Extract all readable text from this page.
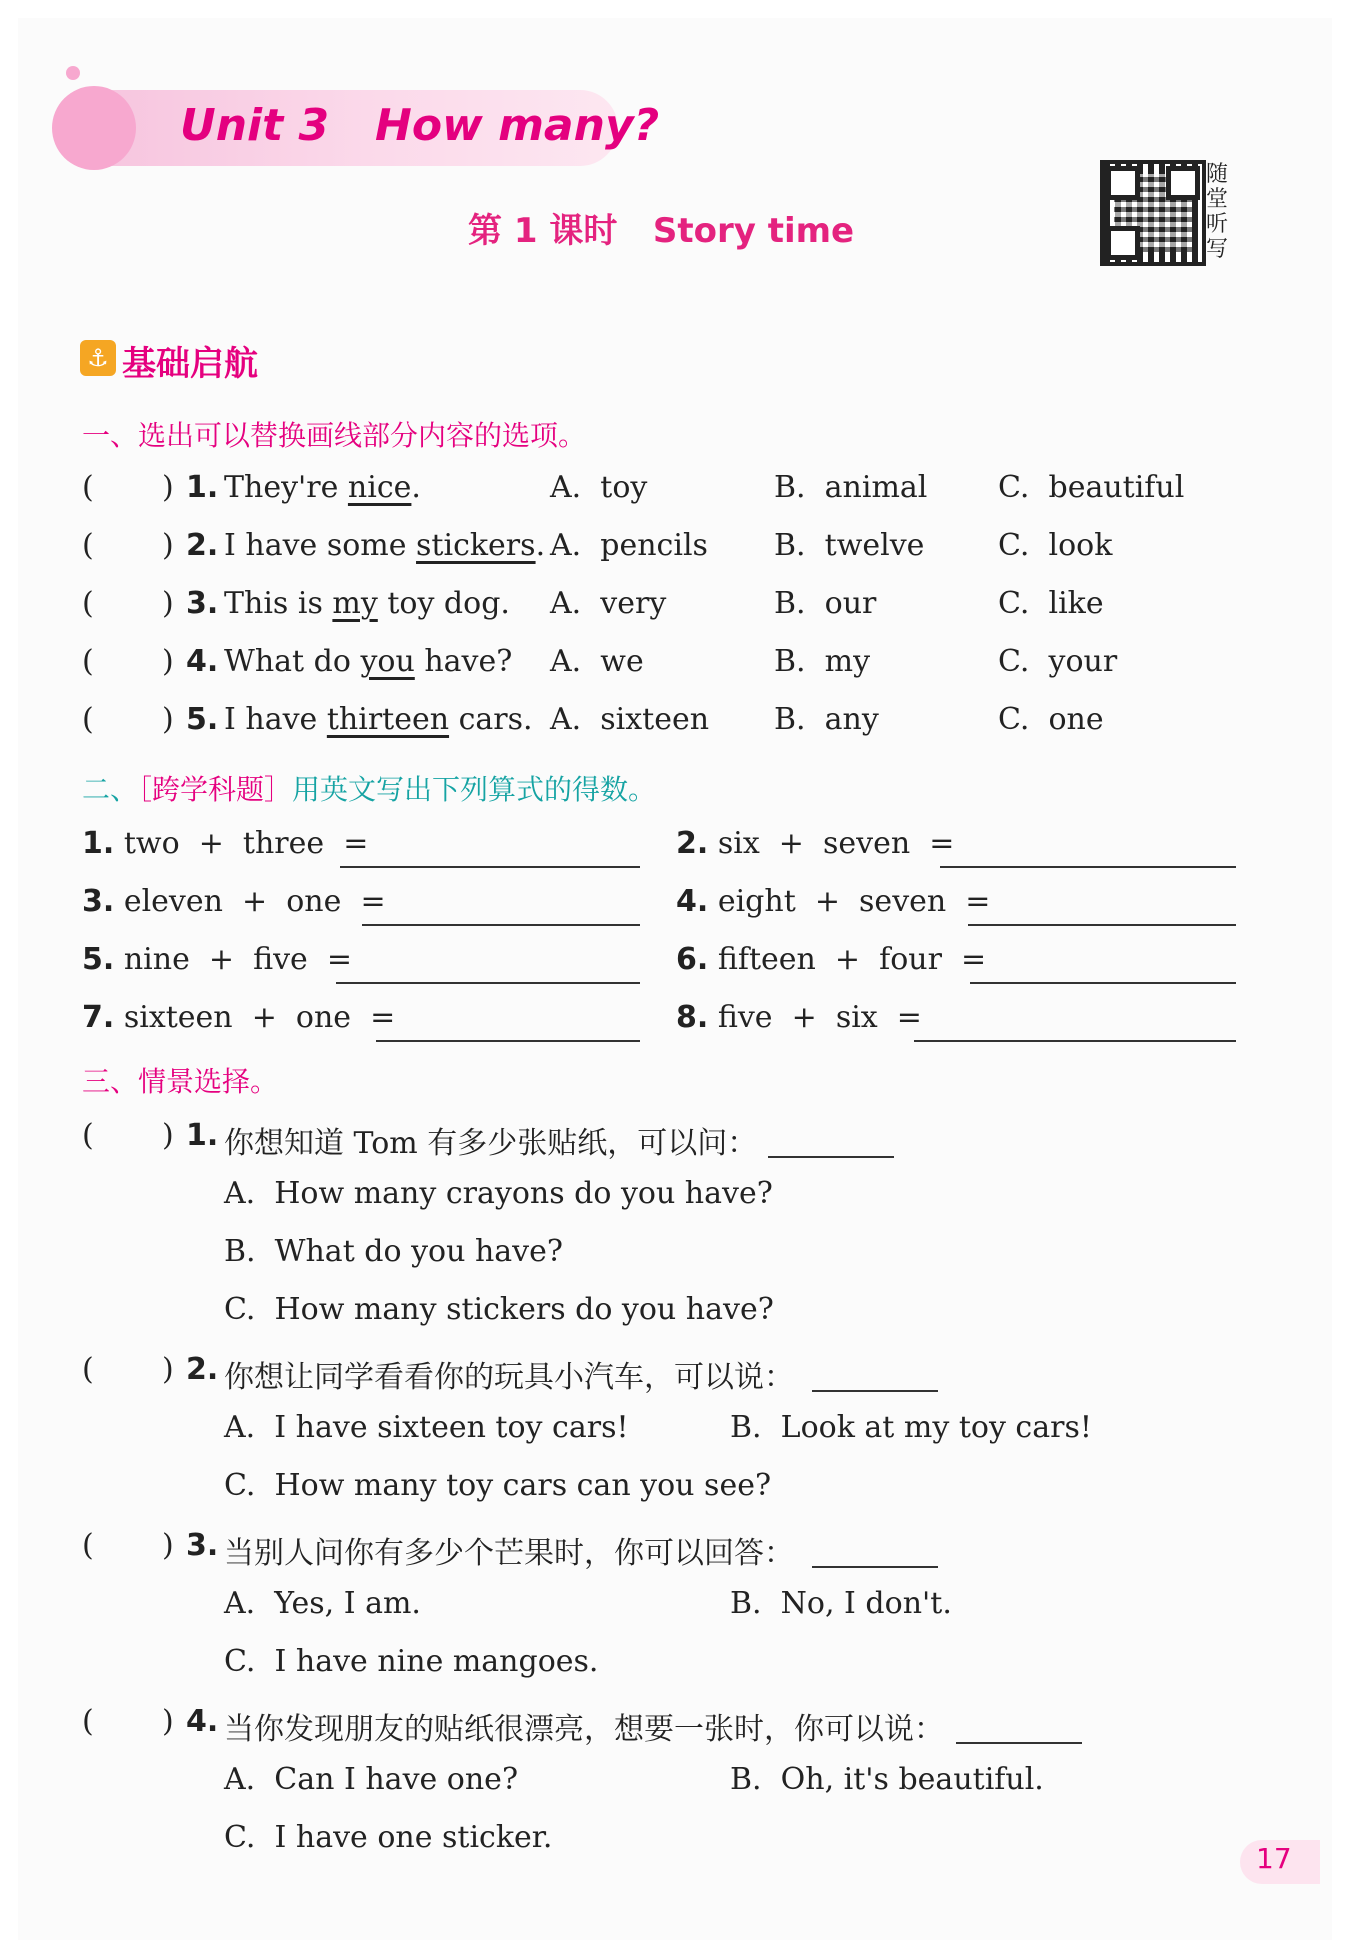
Unit 3   How many?
第 1 课时   Story time
随堂听写
⚓ 基础启航
一、选出可以替换画线部分内容的选项。
( ) 1. They're nice.	A.  toy	B.  animal C.  beautiful
( ) 2. I have some stickers. A.  pencils B.  twelve C.  look
( ) 3. This is my toy dog. A.  very	B.  our	C.  like
( ) 4. What do you have? A.  we	B.  my	C.  your
( ) 5. I have thirteen cars. A.  sixteen B.  any	C.  one
二、［跨学科题］用英文写出下列算式的得数。
1. two  +  three  =	2. six  +  seven  =
3. eleven  +  one  =	4. eight  +  seven  =
5. nine  +  five  =	6. fifteen  +  four  =
7. sixteen  +  one  =	8. five  +  six  =
三、情景选择。
( ) 1. 你想知道 Tom 有多少张贴纸，可以问：
A.  How many crayons do you have?
B.  What do you have?
C.  How many stickers do you have?
( ) 2. 你想让同学看看你的玩具小汽车，可以说：
A.  I have sixteen toy cars!	B.  Look at my toy cars!
C.  How many toy cars can you see?
( ) 3. 当别人问你有多少个芒果时，你可以回答：
A.  Yes, I am.	B.  No, I don't.
C.  I have nine mangoes.
( ) 4. 当你发现朋友的贴纸很漂亮，想要一张时，你可以说：
A.  Can I have one?	B.  Oh, it's beautiful.
C.  I have one sticker.
17
